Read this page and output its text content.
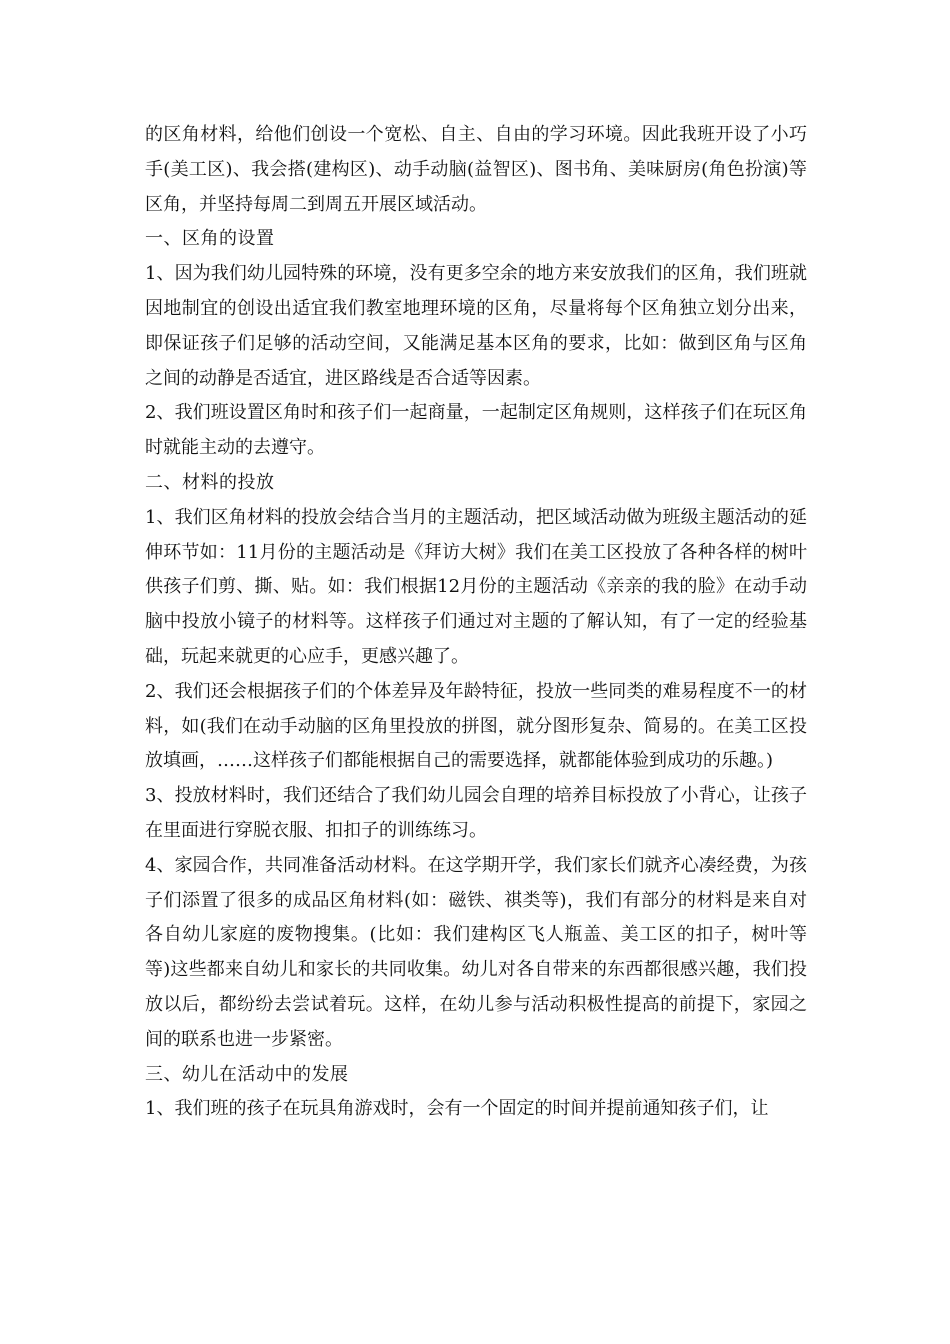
的区角材料，给他们创设一个宽松、自主、自由的学习环境。因此我班开设了小巧手(美工区)、我会搭(建构区)、动手动脑(益智区)、图书角、美味厨房(角色扮演)等区角，并坚持每周二到周五开展区域活动。

一、区角的设置

1、因为我们幼儿园特殊的环境，没有更多空余的地方来安放我们的区角，我们班就因地制宜的创设出适宜我们教室地理环境的区角，尽量将每个区角独立划分出来，即保证孩子们足够的活动空间，又能满足基本区角的要求，比如：做到区角与区角之间的动静是否适宜，进区路线是否合适等因素。

2、我们班设置区角时和孩子们一起商量，一起制定区角规则，这样孩子们在玩区角时就能主动的去遵守。

二、材料的投放

1、我们区角材料的投放会结合当月的主题活动，把区域活动做为班级主题活动的延伸环节如：11月份的主题活动是《拜访大树》我们在美工区投放了各种各样的树叶供孩子们剪、撕、贴。如：我们根据12月份的主题活动《亲亲的我的脸》在动手动脑中投放小镜子的材料等。这样孩子们通过对主题的了解认知，有了一定的经验基础，玩起来就更的心应手，更感兴趣了。

2、我们还会根据孩子们的个体差异及年龄特征，投放一些同类的难易程度不一的材料，如(我们在动手动脑的区角里投放的拼图，就分图形复杂、简易的。在美工区投放填画，……这样孩子们都能根据自己的需要选择，就都能体验到成功的乐趣。)

3、投放材料时，我们还结合了我们幼儿园会自理的培养目标投放了小背心，让孩子在里面进行穿脱衣服、扣扣子的训练练习。

4、家园合作，共同准备活动材料。在这学期开学，我们家长们就齐心凑经费，为孩子们添置了很多的成品区角材料(如：磁铁、祺类等)，我们有部分的材料是来自对各自幼儿家庭的废物搜集。(比如：我们建构区飞人瓶盖、美工区的扣子，树叶等等)这些都来自幼儿和家长的共同收集。幼儿对各自带来的东西都很感兴趣，我们投放以后，都纷纷去尝试着玩。这样，在幼儿参与活动积极性提高的前提下，家园之间的联系也进一步紧密。

三、幼儿在活动中的发展

1、我们班的孩子在玩具角游戏时，会有一个固定的时间并提前通知孩子们，让
